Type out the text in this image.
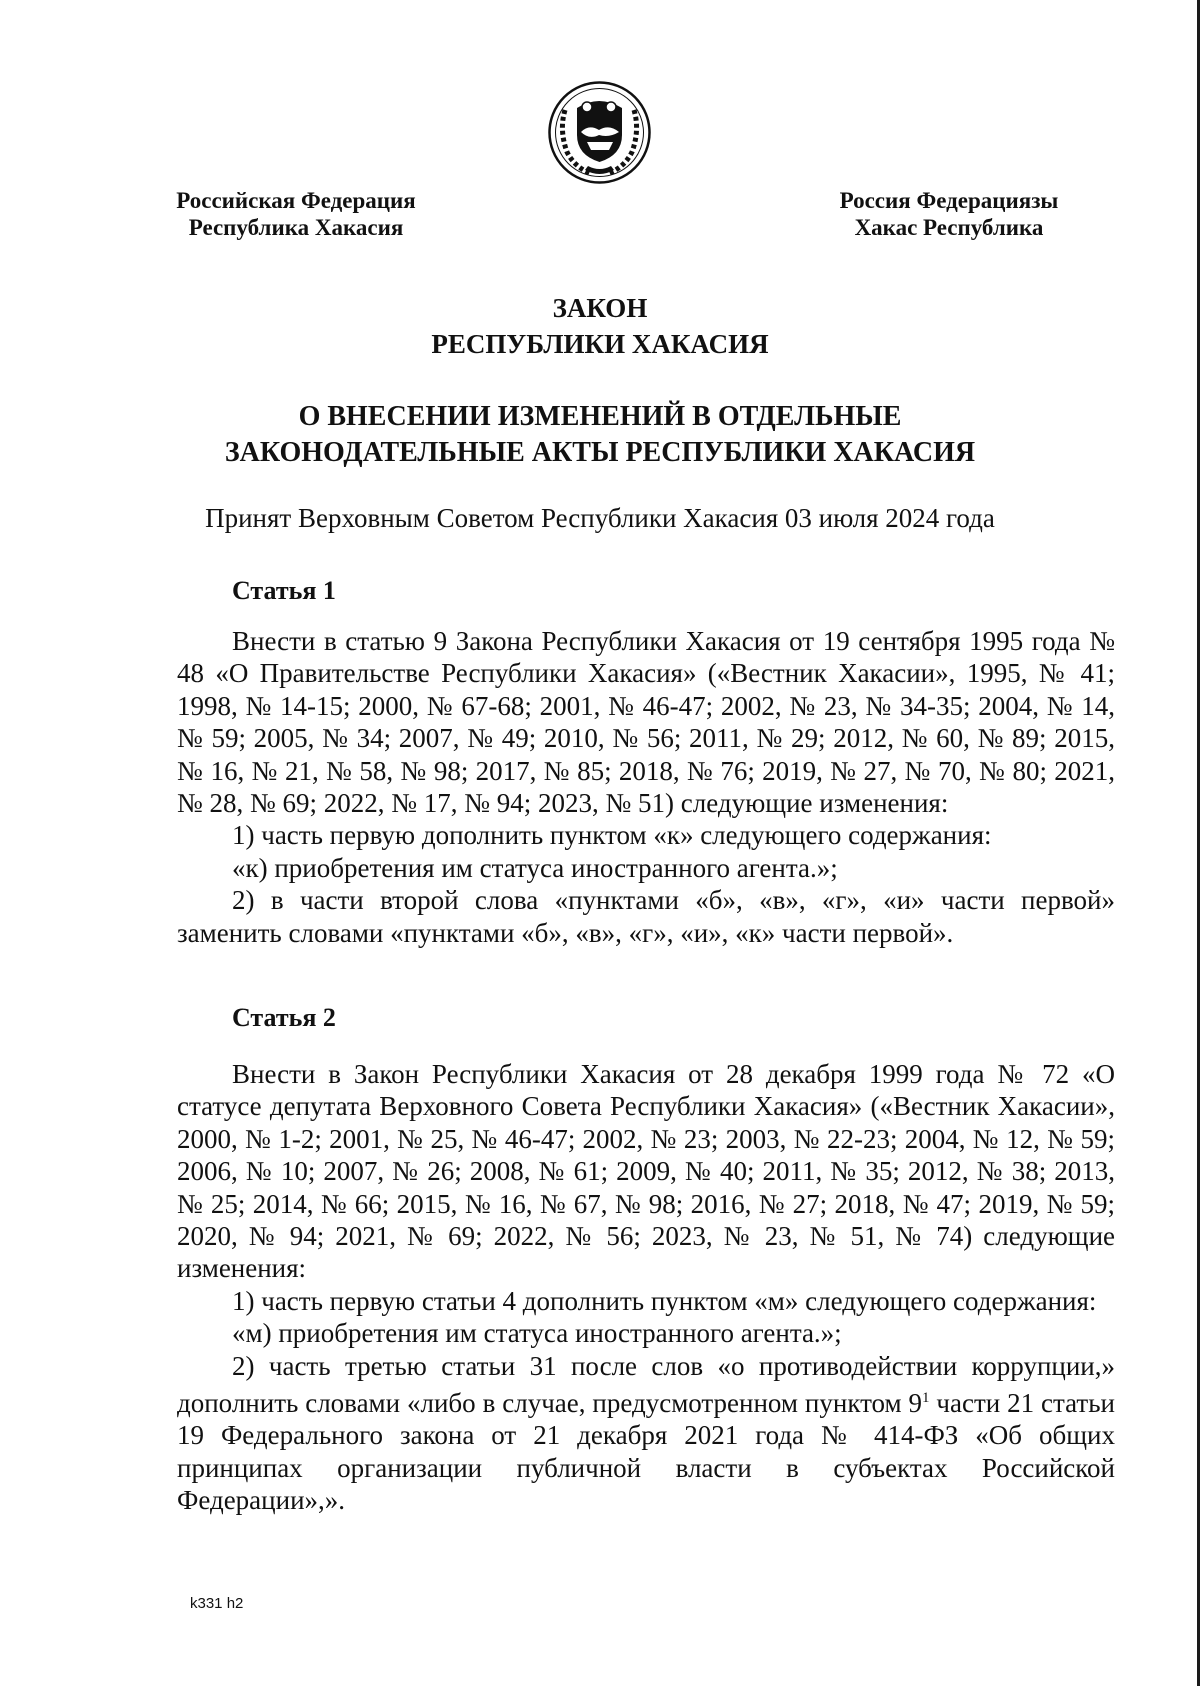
Российская Федерация
Республика Хакасия
Россия Федерациязы
Хакас Республика
ЗАКОН
РЕСПУБЛИКИ ХАКАСИЯ
О ВНЕСЕНИИ ИЗМЕНЕНИЙ В ОТДЕЛЬНЫЕ
ЗАКОНОДАТЕЛЬНЫЕ АКТЫ РЕСПУБЛИКИ ХАКАСИЯ
Принят Верховным Советом Республики Хакасия 03 июля 2024 года
Статья 1

Внести в статью 9 Закона Республики Хакасия от 19 сентября 1995 года № 48 «О Правительстве Республики Хакасия» («Вестник Хакасии», 1995, № 41; 1998, № 14-15; 2000, № 67-68; 2001, № 46-47; 2002, № 23, № 34-35; 2004, № 14, № 59; 2005, № 34; 2007, № 49; 2010, № 56; 2011, № 29; 2012, № 60, № 89; 2015, № 16, № 21, № 58, № 98; 2017, № 85; 2018, № 76; 2019, № 27, № 70, № 80; 2021, № 28, № 69; 2022, № 17, № 94; 2023, № 51) следующие изменения:

1) часть первую дополнить пунктом «к» следующего содержания:

«к) приобретения им статуса иностранного агента.»;

2) в части второй слова «пунктами «б», «в», «г», «и» части первой» заменить словами «пунктами «б», «в», «г», «и», «к» части первой».

Статья 2

Внести в Закон Республики Хакасия от 28 декабря 1999 года № 72 «О статусе депутата Верховного Совета Республики Хакасия» («Вестник Хакасии», 2000, № 1-2; 2001, № 25, № 46-47; 2002, № 23; 2003, № 22-23; 2004, № 12, № 59; 2006, № 10; 2007, № 26; 2008, № 61; 2009, № 40; 2011, № 35; 2012, № 38; 2013, № 25; 2014, № 66; 2015, № 16, № 67, № 98; 2016, № 27; 2018, № 47; 2019, № 59; 2020, № 94; 2021, № 69; 2022, № 56; 2023, № 23, № 51, № 74) следующие изменения:

1) часть первую статьи 4 дополнить пунктом «м» следующего содержания:

«м) приобретения им статуса иностранного агента.»;

2) часть третью статьи 31 после слов «о противодействии коррупции,» дополнить словами «либо в случае, предусмотренном пунктом $9^1$ части 21 статьи 19 Федерального закона от 21 декабря 2021 года № 414-ФЗ «Об общих принципах организации публичной власти в субъектах Российской Федерации»,».

k331 h2
